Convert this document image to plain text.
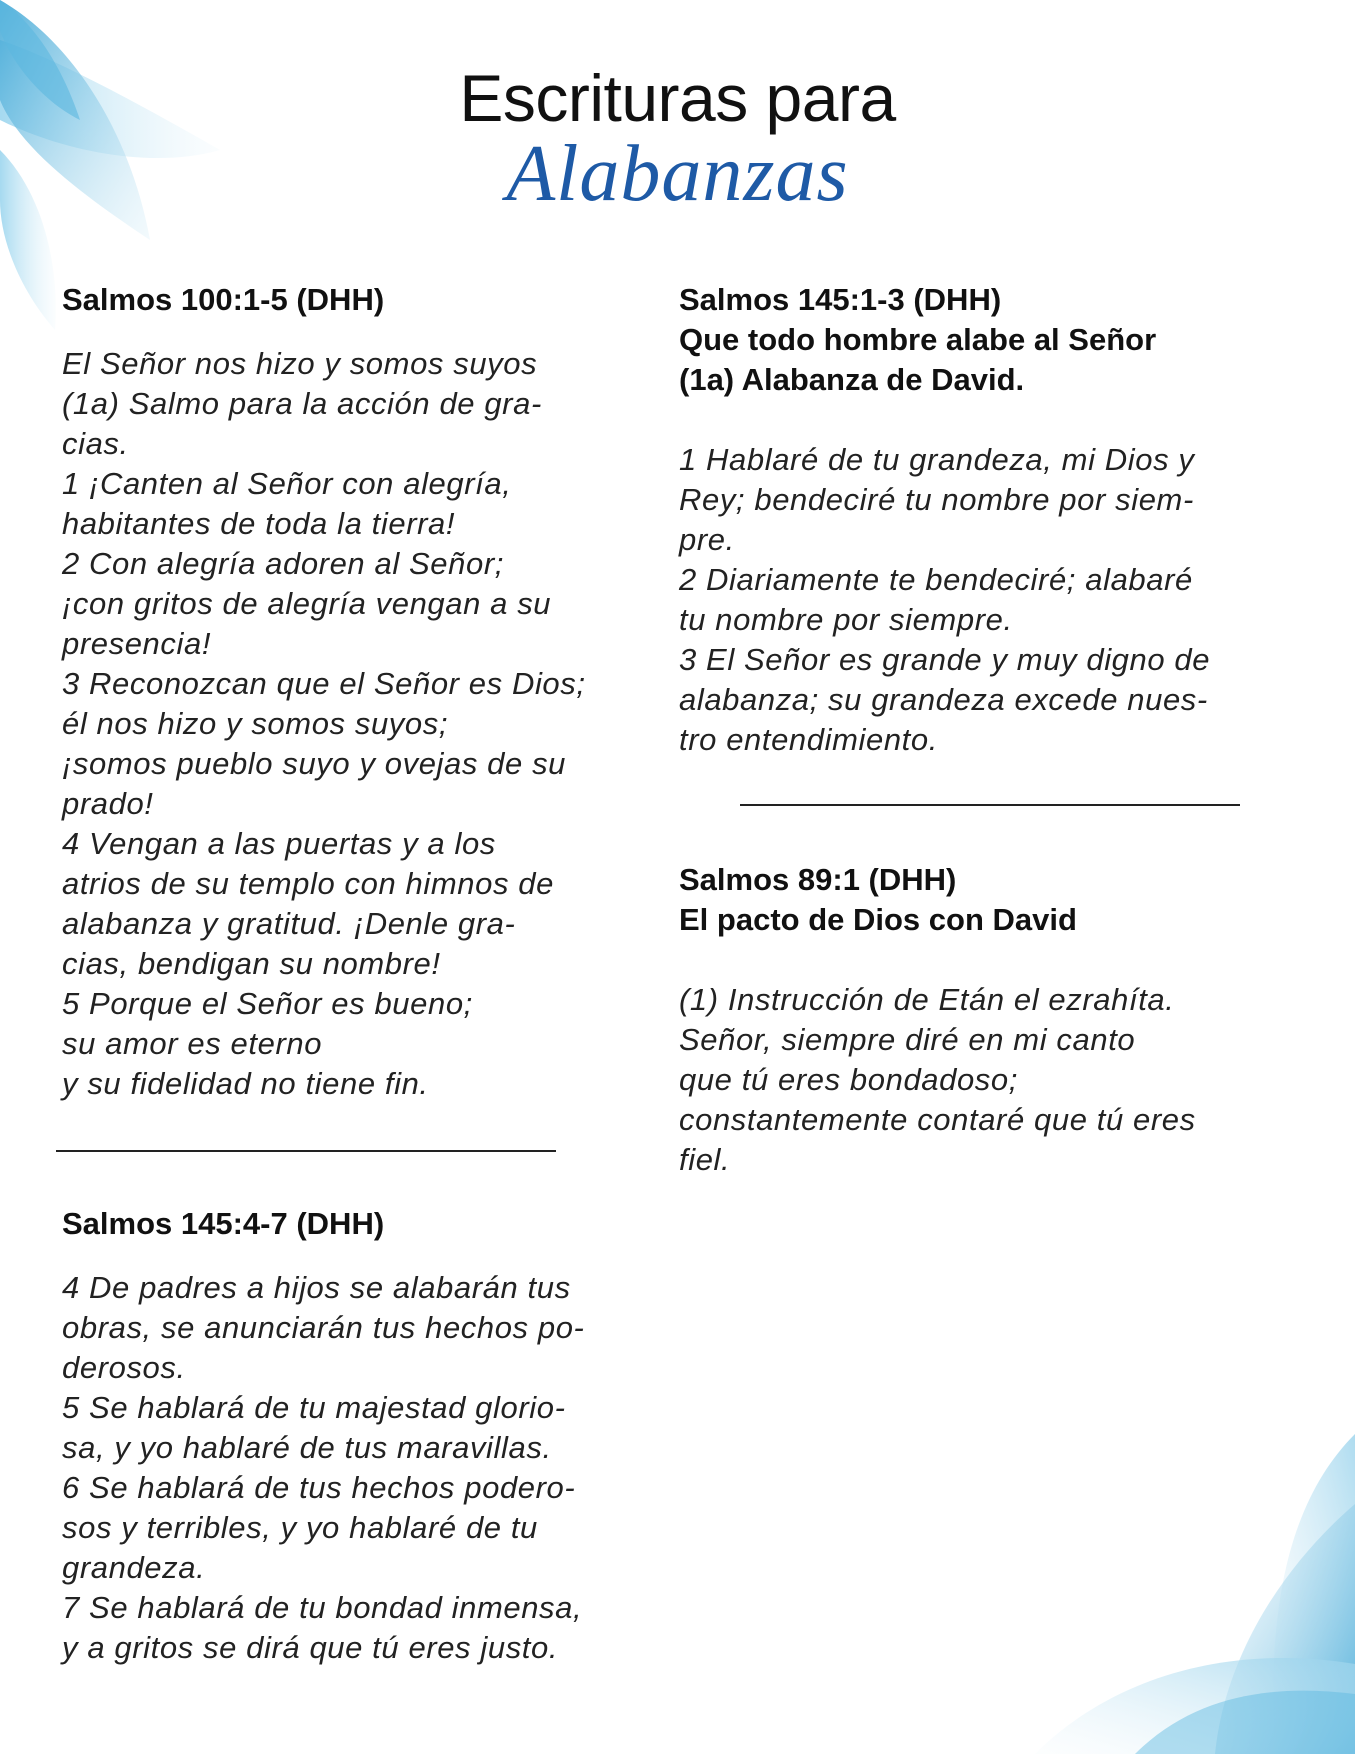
Escrituras para
Alabanzas
Salmos 100:1-5 (DHH)

El Señor nos hizo y somos suyos
(1a) Salmo para la acción de gra-
cias.
1 ¡Canten al Señor con alegría,
habitantes de toda la tierra!
2 Con alegría adoren al Señor;
¡con gritos de alegría vengan a su
presencia!
3 Reconozcan que el Señor es Dios;
él nos hizo y somos suyos;
¡somos pueblo suyo y ovejas de su
prado!
4 Vengan a las puertas y a los
atrios de su templo con himnos de
alabanza y gratitud. ¡Denle gra-
cias, bendigan su nombre!
5 Porque el Señor es bueno;
su amor es eterno
y su fidelidad no tiene fin.

Salmos 145:4-7 (DHH)

4 De padres a hijos se alabarán tus
obras, se anunciarán tus hechos po-
derosos.
5 Se hablará de tu majestad glorio-
sa, y yo hablaré de tus maravillas.
6 Se hablará de tus hechos podero-
sos y terribles, y yo hablaré de tu
grandeza.
7 Se hablará de tu bondad inmensa,
y a gritos se dirá que tú eres justo.

Salmos 145:1-3 (DHH)
Que todo hombre alabe al Señor
(1a) Alabanza de David.

1 Hablaré de tu grandeza, mi Dios y
Rey; bendeciré tu nombre por siem-
pre.
2 Diariamente te bendeciré; alabaré
tu nombre por siempre.
3 El Señor es grande y muy digno de
alabanza; su grandeza excede nues-
tro entendimiento.

Salmos 89:1 (DHH)
El pacto de Dios con David

(1) Instrucción de Etán el ezrahíta.
Señor, siempre diré en mi canto
que tú eres bondadoso;
constantemente contaré que tú eres
fiel.
